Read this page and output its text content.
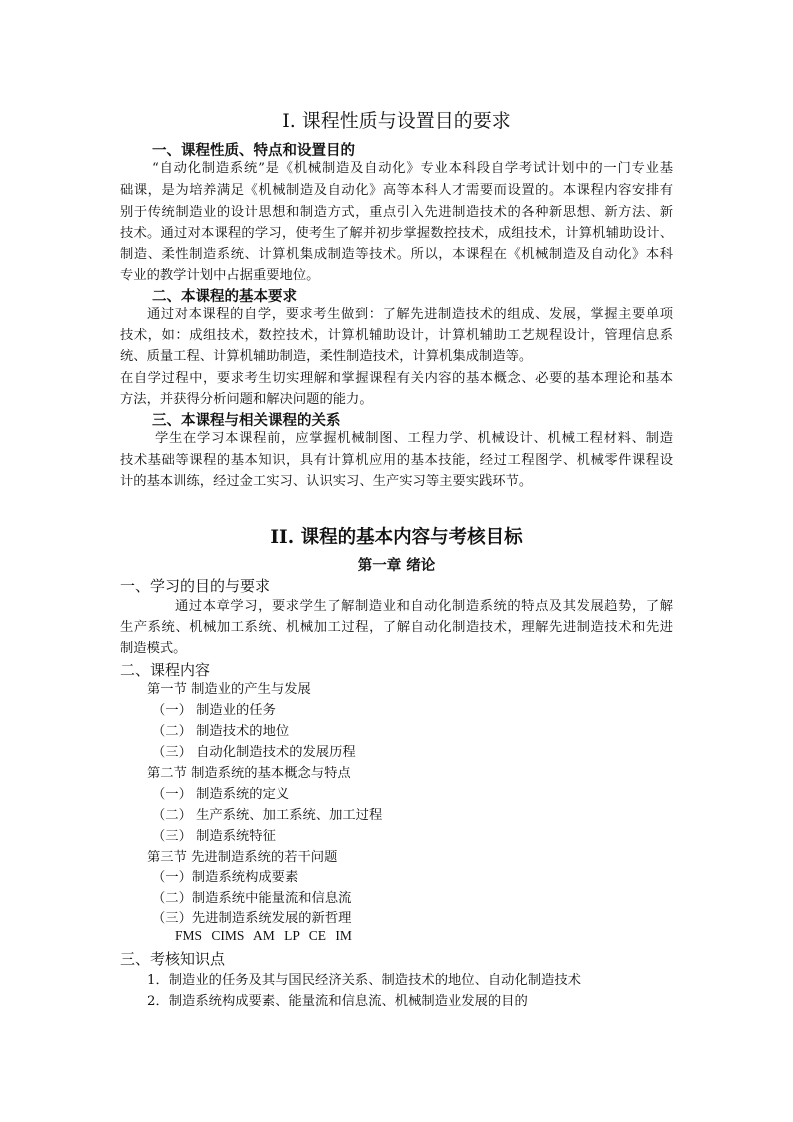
I. 课程性质与设置目的要求
一、课程性质、特点和设置目的
“自动化制造系统”是《机械制造及自动化》专业本科段自学考试计划中的一门专业基
础课，是为培养满足《机械制造及自动化》高等本科人才需要而设置的。本课程内容安排有
别于传统制造业的设计思想和制造方式，重点引入先进制造技术的各种新思想、新方法、新
技术。通过对本课程的学习，使考生了解并初步掌握数控技术，成组技术，计算机辅助设计、
制造、柔性制造系统、计算机集成制造等技术。所以，本课程在《机械制造及自动化》本科
专业的教学计划中占据重要地位。
二、本课程的基本要求
通过对本课程的自学，要求考生做到：了解先进制造技术的组成、发展，掌握主要单项
技术，如：成组技术，数控技术，计算机辅助设计，计算机辅助工艺规程设计，管理信息系
统、质量工程、计算机辅助制造，柔性制造技术，计算机集成制造等。
在自学过程中，要求考生切实理解和掌握课程有关内容的基本概念、必要的基本理论和基本
方法，并获得分析问题和解决问题的能力。
三、本课程与相关课程的关系
学生在学习本课程前，应掌握机械制图、工程力学、机械设计、机械工程材料、制造
技术基础等课程的基本知识，具有计算机应用的基本技能，经过工程图学、机械零件课程设
计的基本训练，经过金工实习、认识实习、生产实习等主要实践环节。
II. 课程的基本内容与考核目标
第一章 绪论
一、学习的目的与要求
通过本章学习，要求学生了解制造业和自动化制造系统的特点及其发展趋势，了解
生产系统、机械加工系统、机械加工过程，了解自动化制造技术，理解先进制造技术和先进
制造模式。
二、课程内容
第一节 制造业的产生与发展
（一） 制造业的任务
（二） 制造技术的地位
（三） 自动化制造技术的发展历程
第二节 制造系统的基本概念与特点
（一） 制造系统的定义
（二） 生产系统、加工系统、加工过程
（三） 制造系统特征
第三节 先进制造系统的若干问题
（一）制造系统构成要素
（二）制造系统中能量流和信息流
（三）先进制造系统发展的新哲理
FMS CIMS AM LP CE IM
三、考核知识点
1．制造业的任务及其与国民经济关系、制造技术的地位、自动化制造技术
2．制造系统构成要素、能量流和信息流、机械制造业发展的目的
